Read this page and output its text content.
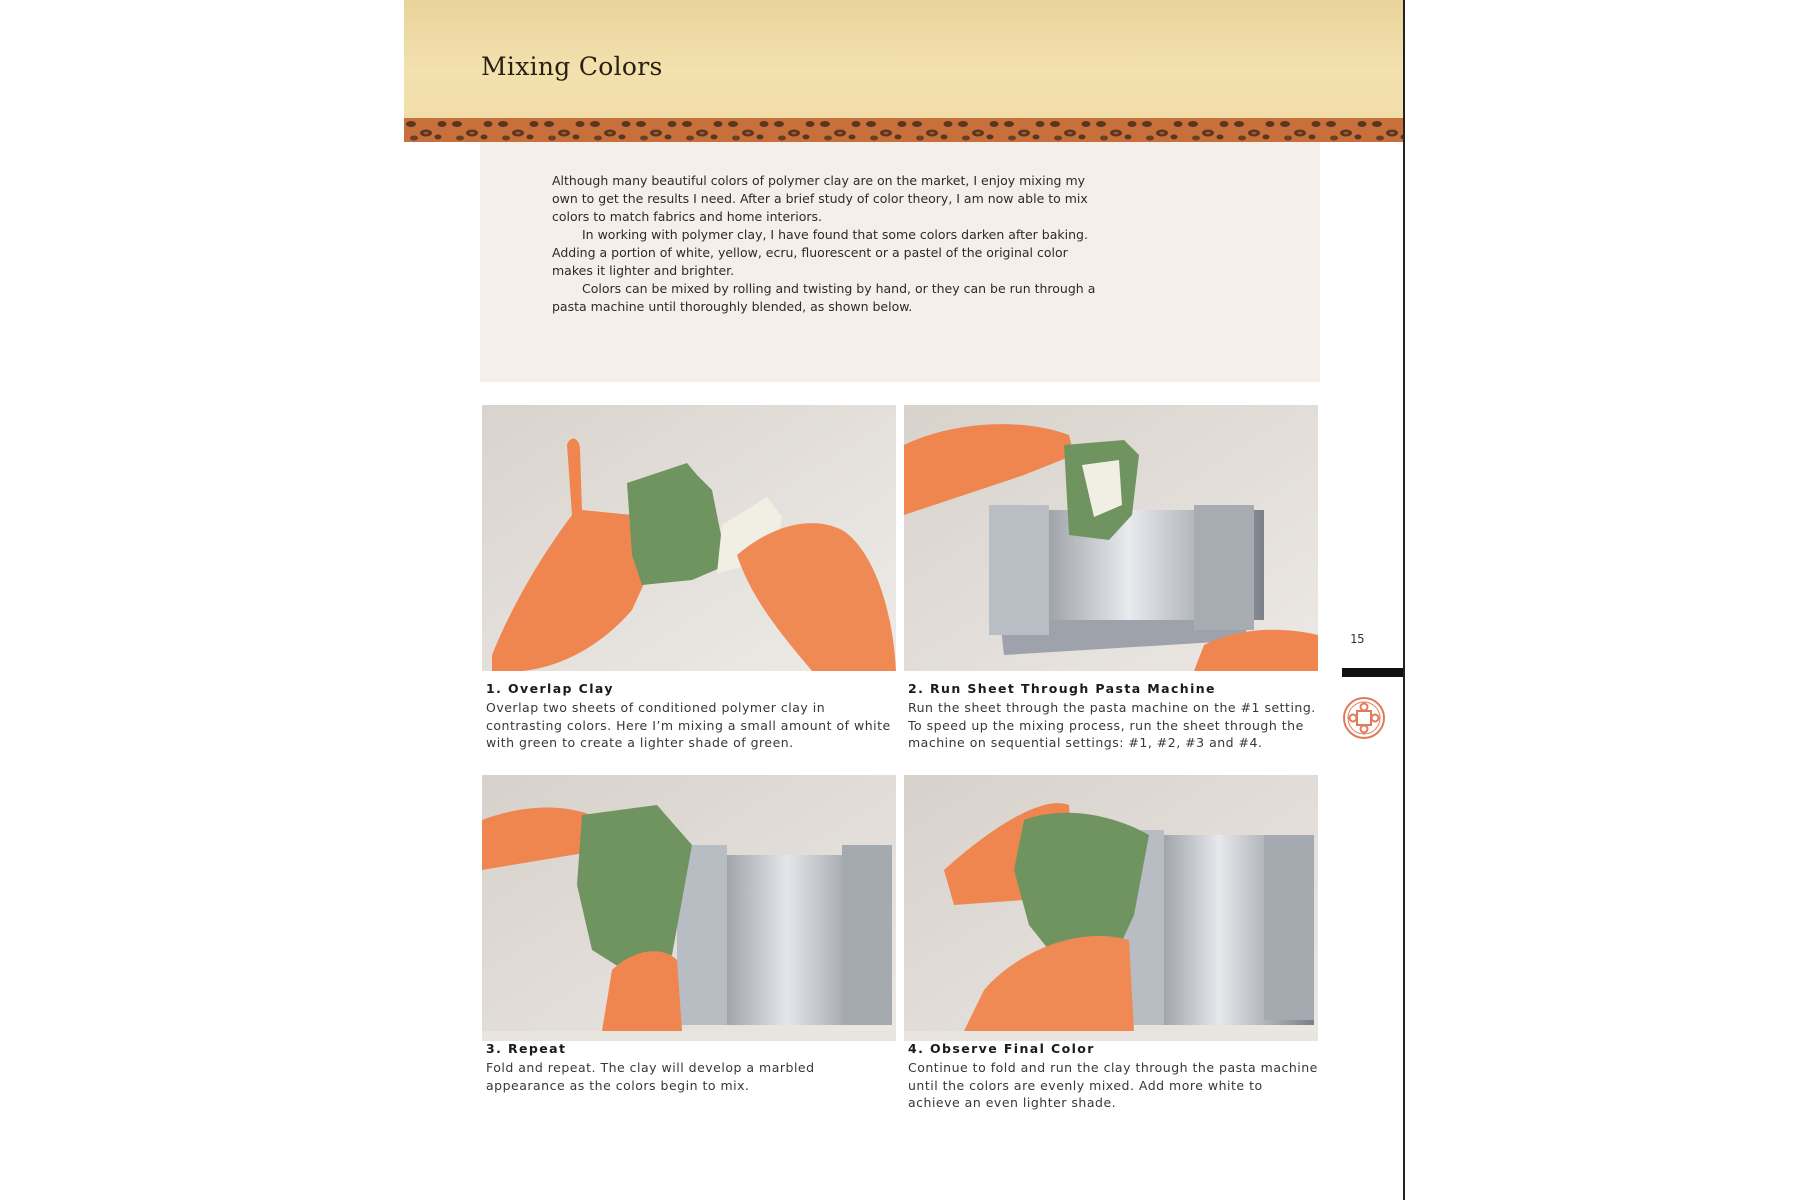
Mixing Colors

Although many beautiful colors of polymer clay are on the market, I enjoy mixing my own to get the results I need. After a brief study of color theory, I am now able to mix colors to match fabrics and home interiors.

In working with polymer clay, I have found that some colors darken after baking. Adding a portion of white, yellow, ecru, fluorescent or a pastel of the original color makes it lighter and brighter.

Colors can be mixed by rolling and twisting by hand, or they can be run through a pasta machine until thoroughly blended, as shown below.

1. Overlap Clay
Overlap two sheets of conditioned polymer clay in contrasting colors. Here I’m mixing a small amount of white with green to create a lighter shade of green.
2. Run Sheet Through Pasta Machine
Run the sheet through the pasta machine on the #1 setting. To speed up the mixing process, run the sheet through the machine on sequential settings: #1, #2, #3 and #4.
3. Repeat
Fold and repeat. The clay will develop a marbled appearance as the colors begin to mix.
4. Observe Final Color
Continue to fold and run the clay through the pasta machine until the colors are evenly mixed. Add more white to achieve an even lighter shade.
15
